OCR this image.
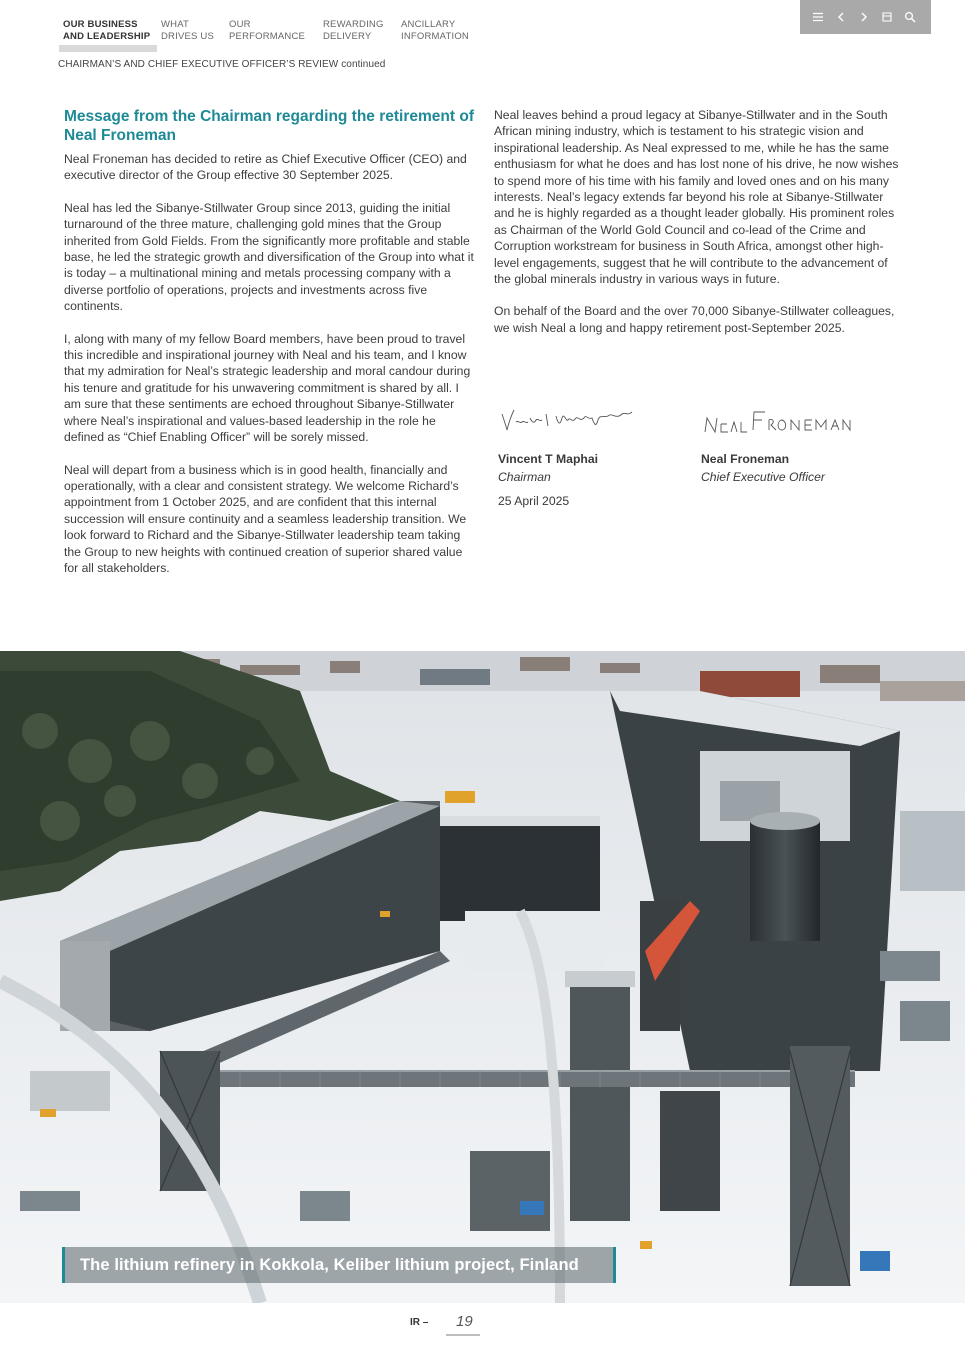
OUR BUSINESS
AND LEADERSHIP
WHAT
DRIVES US
OUR
PERFORMANCE
REWARDING
DELIVERY
ANCILLARY
INFORMATION
CHAIRMAN’S AND CHIEF EXECUTIVE OFFICER’S REVIEW continued
Message from the Chairman regarding the retirement of Neal Froneman

Neal Froneman has decided to retire as Chief Executive Officer (CEO) and executive director of the Group effective 30 September 2025.

Neal has led the Sibanye-Stillwater Group since 2013, guiding the initial turnaround of the three mature, challenging gold mines that the Group inherited from Gold Fields. From the significantly more profitable and stable base, he led the strategic growth and diversification of the Group into what it is today – a multinational mining and metals processing company with a diverse portfolio of operations, projects and investments across five continents.

I, along with many of my fellow Board members, have been proud to travel this incredible and inspirational journey with Neal and his team, and I know that my admiration for Neal’s strategic leadership and moral candour during his tenure and gratitude for his unwavering commitment is shared by all. I am sure that these sentiments are echoed throughout Sibanye-Stillwater where Neal’s inspirational and values-based leadership in the role he defined as “Chief Enabling Officer” will be sorely missed.

Neal will depart from a business which is in good health, financially and operationally, with a clear and consistent strategy. We welcome Richard’s appointment from 1 October 2025, and are confident that this internal succession will ensure continuity and a seamless leadership transition. We look forward to Richard and the Sibanye-Stillwater leadership team taking the Group to new heights with continued creation of superior shared value for all stakeholders.

Neal leaves behind a proud legacy at Sibanye-Stillwater and in the South African mining industry, which is testament to his strategic vision and inspirational leadership. As Neal expressed to me, while he has the same enthusiasm for what he does and has lost none of his drive, he now wishes to spend more of his time with his family and loved ones and on his many interests. Neal’s legacy extends far beyond his role at Sibanye-Stillwater and he is highly regarded as a thought leader globally. His prominent roles as Chairman of the World Gold Council and co-lead of the Crime and Corruption workstream for business in South Africa, amongst other high-level engagements, suggest that he will contribute to the advancement of the global minerals industry in various ways in future.

On behalf of the Board and the over 70,000 Sibanye-Stillwater colleagues, we wish Neal a long and happy retirement post-September 2025.

Vincent T Maphai
Chairman
Neal Froneman
Chief Executive Officer
25 April 2025
The lithium refinery in Kokkola, Keliber lithium project, Finland
IR – 19
